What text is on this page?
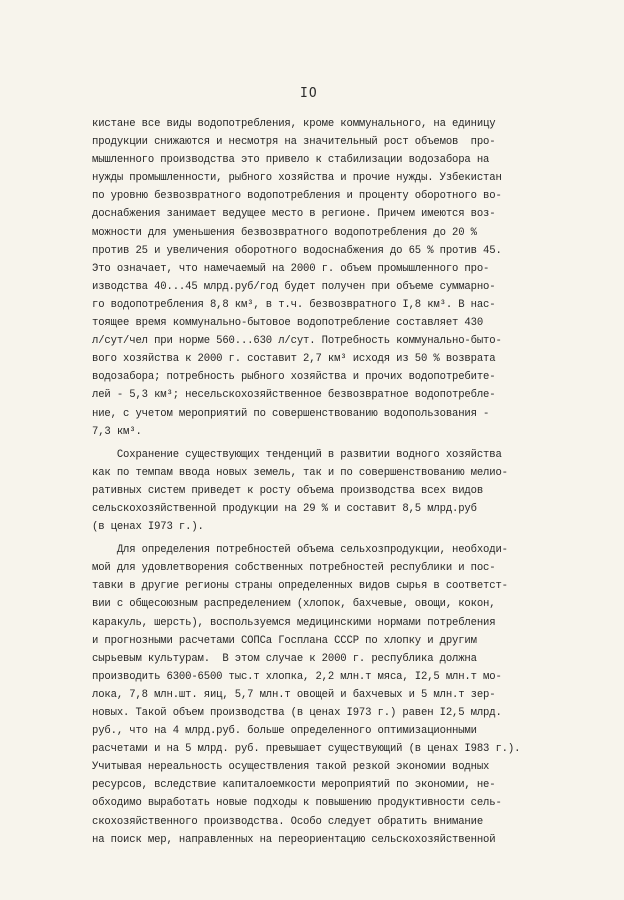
IO
кистане все виды водопотребления, кроме коммунального, на единицу
продукции снижаются и несмотря на значительный рост объемов  про-
мышленного производства это привело к стабилизации водозабора на
нужды промышленности, рыбного хозяйства и прочие нужды. Узбекистан
по уровню безвозвратного водопотребления и проценту оборотного во-
доснабжения занимает ведущее место в регионе. Причем имеются воз-
можности для уменьшения безвозвратного водопотребления до 20 %
против 25 и увеличения оборотного водоснабжения до 65 % против 45.
Это означает, что намечаемый на 2000 г. объем промышленного про-
изводства 40...45 млрд.руб/год будет получен при объеме суммарно-
го водопотребления 8,8 км³, в т.ч. безвозвратного I,8 км³. В нас-
тоящее время коммунально-бытовое водопотребление составляет 430
л/сут/чел при норме 560...630 л/сут. Потребность коммунально-быто-
вого хозяйства к 2000 г. составит 2,7 км³ исходя из 50 % возврата
водозабора; потребность рыбного хозяйства и прочих водопотребите-
лей - 5,3 км³; несельскохозяйственное безвозвратное водопотребле-
ние, с учетом мероприятий по совершенствованию водопользования -
7,3 км³.
Сохранение существующих тенденций в развитии водного хозяйства
как по темпам ввода новых земель, так и по совершенствованию мелио-
ративных систем приведет к росту объема производства всех видов
сельскохозяйственной продукции на 29 % и составит 8,5 млрд.руб
(в ценах I973 г.).
Для определения потребностей объема сельхозпродукции, необходи-
мой для удовлетворения собственных потребностей республики и пос-
тавки в другие регионы страны определенных видов сырья в соответст-
вии с общесоюзным распределением (хлопок, бахчевые, овощи, кокон,
каракуль, шерсть), воспользуемся медицинскими нормами потребления
и прогнозными расчетами СОПСа Госплана СССР по хлопку и другим
сырьевым культурам.  В этом случае к 2000 г. республика должна
производить 6300-6500 тыс.т хлопка, 2,2 млн.т мяса, I2,5 млн.т мо-
лока, 7,8 млн.шт. яиц, 5,7 млн.т овощей и бахчевых и 5 млн.т зер-
новых. Такой объем производства (в ценах I973 г.) равен I2,5 млрд.
руб., что на 4 млрд.руб. больше определенного оптимизационными
расчетами и на 5 млрд. руб. превышает существующий (в ценах I983 г.).
Учитывая нереальность осуществления такой резкой экономии водных
ресурсов, вследствие капиталоемкости мероприятий по экономии, не-
обходимо выработать новые подходы к повышению продуктивности сель-
скохозяйственного производства. Особо следует обратить внимание
на поиск мер, направленных на переориентацию сельскохозяйственной
